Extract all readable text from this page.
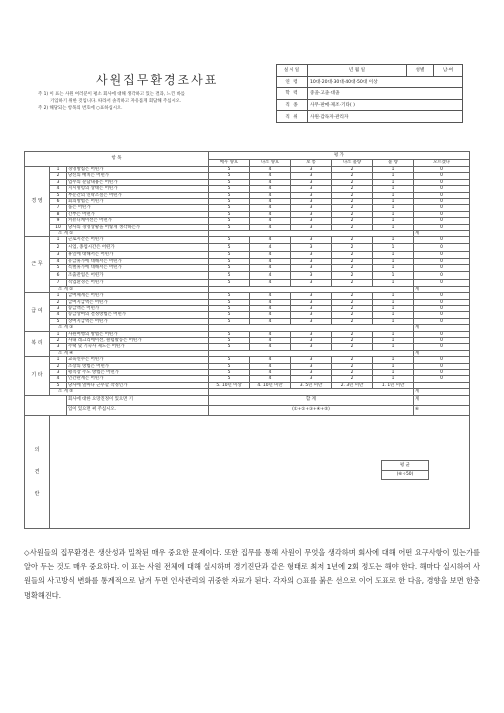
사원집무환경조사표
주 1) 이 표는 사원 여러분이 평소 회사에 대해 생각하고 있는 결과, 느낀 바를
기입하기 위한 것입니다. 따라서 솔직하고 자유롭게 회답해 주십시오.
주 2) 해당되는 항목의 번호에 ○표하십시오.
실시일	년 월 일	성별	남·여
연 령	10대·20대·30대·40대·50대 이상		
학 력	중졸·고졸·대졸		
직 종	사무·판매·제조·기타( )		
직 위	사원·감독자·관리자		
항 목			평 가					
			매우 양호	다소 양호	보 통	다소 불량	불 량	모르겠다
경 영	1	경영방침은 어떤가	5	4	3	2	1	0
	2	당신의 배치는 어떤가	5	4	3	2	1	0
	3	업무의 분담내용은 어떤가	5	4	3	2	1	0
	4	지시명령의 상태는 어떤가	5	4	3	2	1	0
	5	부문간의 연락조절은 어떤가	5	4	3	2	1	0
	6	회의방법은 어떤가	5	4	3	2	1	0
	7	품은 어떤가	5	4	3	2	1	0
	8	간부는 어떤가	5	4	3	2	1	0
	9	커뮤니케이션은 어떤가	5	4	3	2	1	0
	10	당사의 경영상황을 어떻게 생각하는가	5	4	3	2	1	0
	소 계 ①							계
근 무	1	근로시간은 어떤가	5	4	3	2	1	0
	2	시업, 종업시간은 어떤가	5	4	3	2	1	0
	3	휴일에 대해서는 어떤가	5	4	3	2	1	0
	4	유급휴가에 대해서는 어떤가	5	4	3	2	1	0
	5	특별휴가에 대해서는 어떤가	5	4	3	2	1	0
	6	조출잔업은 어떤가	5	4	3	2	1	0
	7	직업환경은 어떤가	5	4	3	2	1	0
	소 계 ②							계
급 여	1	급여체계는 어떤가	5	4	3	2	1	0
	2	급여지급액은 어떤가	5	4	3	2	1	0
	3	승급액은 어떤가	5	4	3	2	1	0
	4	승급상여의 결정방법은 어떤가	5	4	3	2	1	0
	5	상여지급액은 어떤가	5	4	3	2	1	0
	소 계 ③							계
복 리	1	사원여행의 방법은 어떤가	5	4	3	2	1	0
	2	사내 레크리에이션, 클럽활동은 어떤가	5	4	3	2	1	0
	3	주택 및 기숙사 제도는 어떤가	5	4	3	2	1	0
	소 계 ④							계
기 타	1	교육연수는 어떤가	5	4	3	2	1	0
	2	조장의 방법은 어떤가	5	4	3	2	1	0
	3	평직장 주도 방법은 어떤가	5	4	3	2	1	0
	4	인간관계는 어떤가	5	4	3	2	1	0
	5	당사에 얼마나 근무할 작정인가	5. 10년 이상	4. 10년 미만	3. 5년 미만	2. 3년 미만	1. 1년 미만	
	소 계 ⑤							계
		회사에 대한 요망진정이 있으면 기	합 계					계
		입이 있으면 써 주십시오.	(①+②+③+④+⑤)					⑥

의
견
란								

평 균
(⑥÷50)
◇사원들의 집무환경은 생산성과 밀착된 매우 중요한 문제이다. 또한 집무를 통해 사원이 무엇을 생각하며 회사에 대해 어떤 요구사항이 있는가를 알아 두는 것도 매우 중요하다. 이 표는 사원 전체에 대해 실시하며 경기진단과 같은 형태로 최저 1년에 2회 정도는 해야 한다. 해마다 실시하여 사원들의 사고방식 변화를 통계적으로 남겨 두면 인사관리의 귀중한 자료가 된다. 각자의 ○표를 붉은 선으로 이어 도표로 한 다음, 경향을 보면 한층 명확해진다.
